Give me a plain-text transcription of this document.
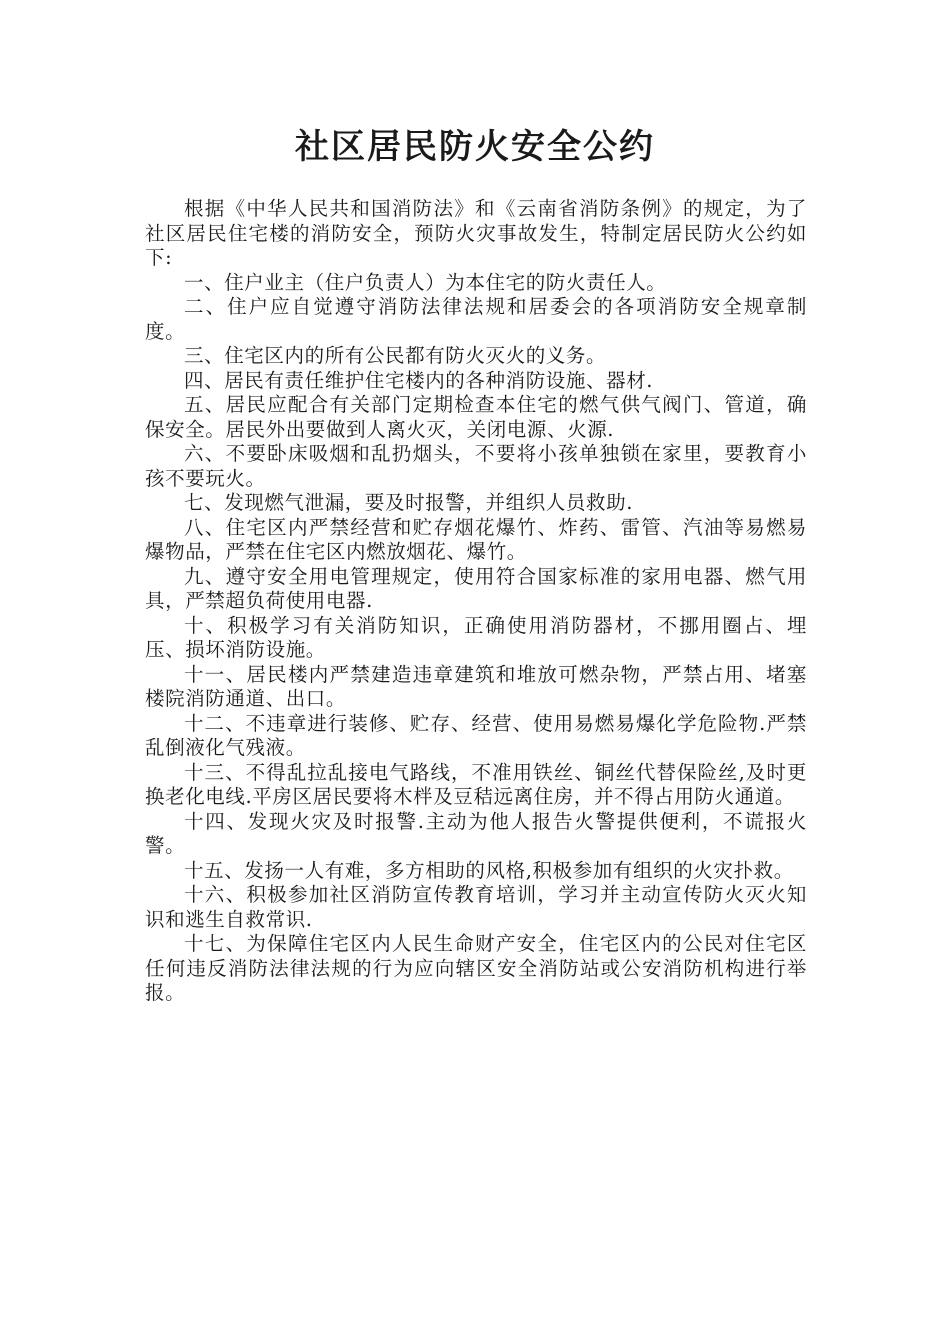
社区居民防火安全公约

根据《中华人民共和国消防法》和《云南省消防条例》的规定，为了社区居民住宅楼的消防安全，预防火灾事故发生，特制定居民防火公约如下:

一、住户业主（住户负责人）为本住宅的防火责任人。

二、住户应自觉遵守消防法律法规和居委会的各项消防安全规章制度。

三、住宅区内的所有公民都有防火灭火的义务。

四、居民有责任维护住宅楼内的各种消防设施、器材.

五、居民应配合有关部门定期检查本住宅的燃气供气阀门、管道，确保安全。居民外出要做到人离火灭，关闭电源、火源.

六、不要卧床吸烟和乱扔烟头，不要将小孩单独锁在家里，要教育小孩不要玩火。

七、发现燃气泄漏，要及时报警，并组织人员救助.

八、住宅区内严禁经营和贮存烟花爆竹、炸药、雷管、汽油等易燃易爆物品，严禁在住宅区内燃放烟花、爆竹。

九、遵守安全用电管理规定，使用符合国家标准的家用电器、燃气用具，严禁超负荷使用电器.

十、积极学习有关消防知识，正确使用消防器材，不挪用圈占、埋压、损坏消防设施。

十一、居民楼内严禁建造违章建筑和堆放可燃杂物，严禁占用、堵塞楼院消防通道、出口。

十二、不违章进行装修、贮存、经营、使用易燃易爆化学危险物.严禁乱倒液化气残液。

十三、不得乱拉乱接电气路线，不准用铁丝、铜丝代替保险丝,及时更换老化电线.平房区居民要将木柈及豆秸远离住房，并不得占用防火通道。

十四、发现火灾及时报警.主动为他人报告火警提供便利，不谎报火警。

十五、发扬一人有难，多方相助的风格,积极参加有组织的火灾扑救。

十六、积极参加社区消防宣传教育培训，学习并主动宣传防火灭火知识和逃生自救常识.

十七、为保障住宅区内人民生命财产安全，住宅区内的公民对住宅区任何违反消防法律法规的行为应向辖区安全消防站或公安消防机构进行举报。
